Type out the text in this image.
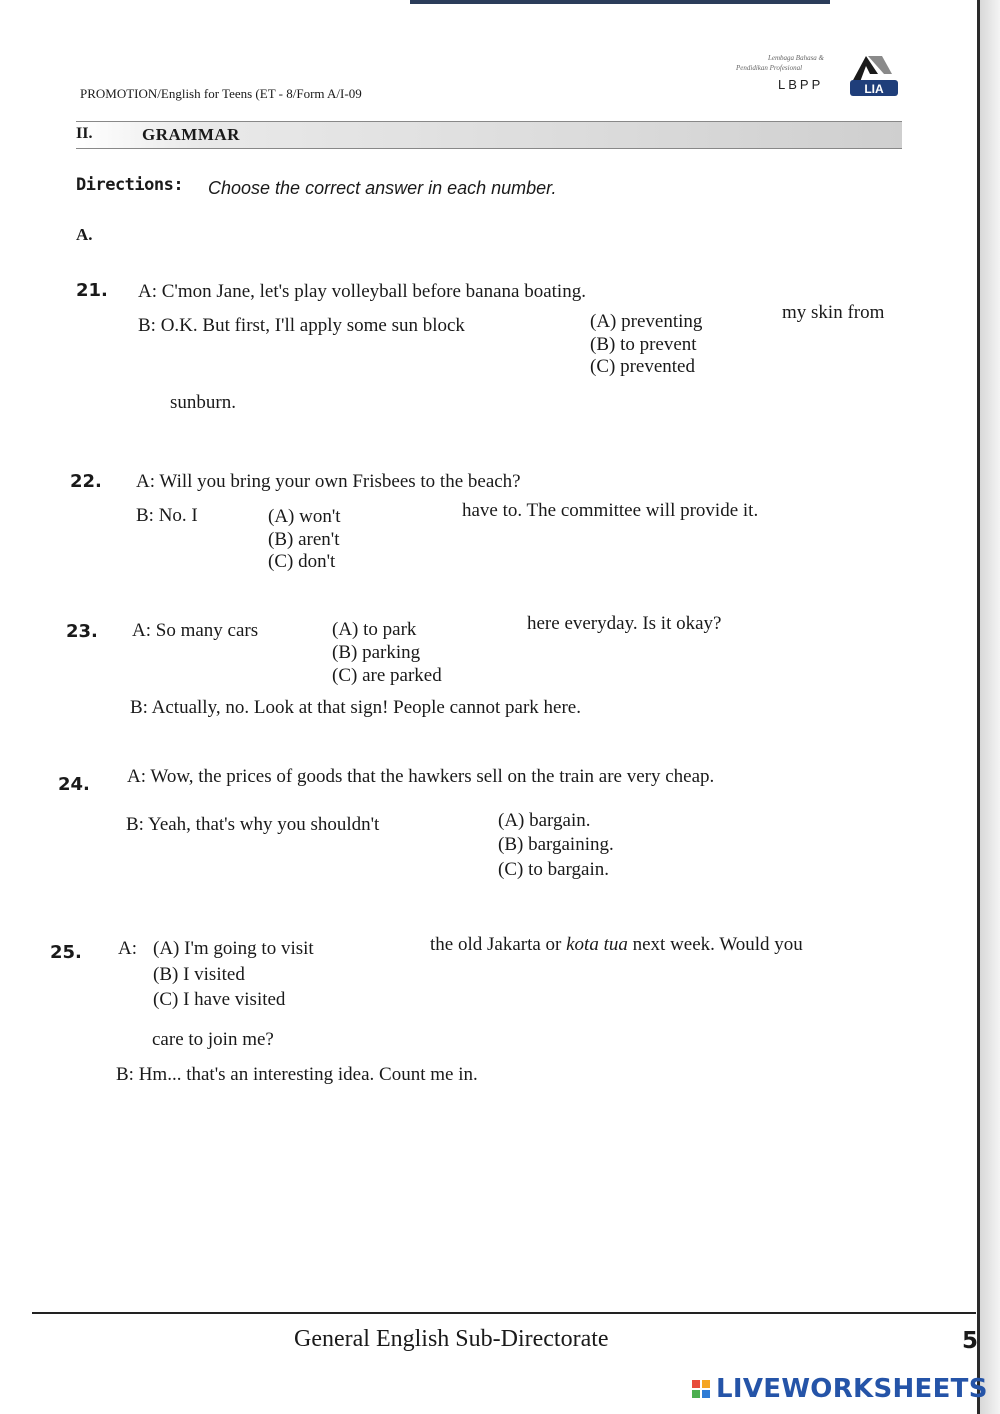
PROMOTION/English for Teens (ET - 8/Form A/I-09
Lembaga Bahasa &
Pendidikan Profesional
LBPP	LIA
II.	GRAMMAR
Directions: Choose the correct answer in each number.
A.
21. A: C'mon Jane, let's play volleyball before banana boating.
B: O.K. But first, I'll apply some sun block	(A) preventing
(B) to prevent
(C) prevented
my skin from
sunburn.
22. A: Will you bring your own Frisbees to the beach?
B: No. I	(A) won't
(B) aren't
(C) don't
have to. The committee will provide it.
23. A: So many cars	(A) to park
(B) parking
(C) are parked
here everyday. Is it okay?
B: Actually, no. Look at that sign! People cannot park here.
24. A: Wow, the prices of goods that the hawkers sell on the train are very cheap.
B: Yeah, that's why you shouldn't	(A) bargain.
(B) bargaining.
(C) to bargain.
25. A: (A) I'm going to visit
(B) I visited
(C) I have visited
the old Jakarta or kota tua next week. Would you
care to join me?
B: Hm... that's an interesting idea. Count me in.
General English Sub-Directorate	5
LIVEWORKSHEETS
